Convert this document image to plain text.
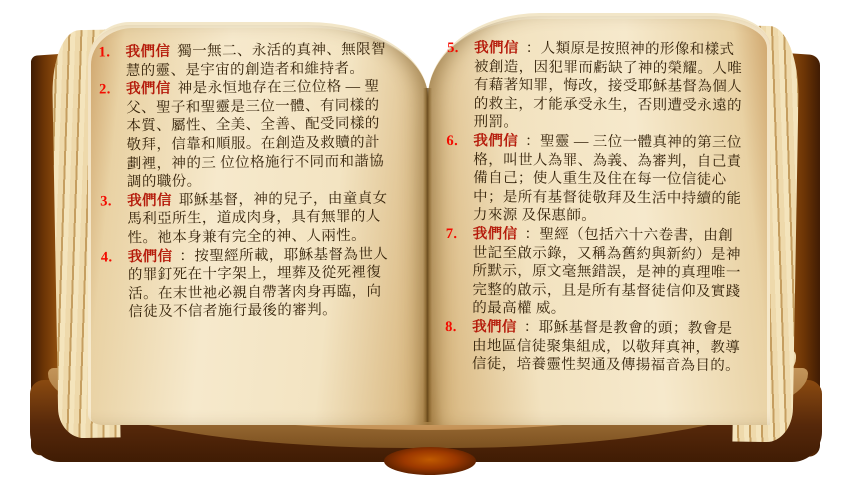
1.	我們信 獨一無二、永活的真神、無限智慧的靈、是宇宙的創造者和維持者。
2.	我們信 神是永恒地存在三位位格 — 聖父、聖子和聖靈是三位一體、有同樣的本質、屬性、全美、全善、配受同樣的敬拜，信靠和順服。在創造及救贖的計劃裡，神的三 位位格施行不同而和諧協調的職份。
3.	我們信 耶穌基督，神的兒子，由童貞女馬利亞所生，道成肉身，具有無罪的人性。祂本身兼有完全的神、人兩性。
4.	我們信 ：按聖經所載，耶穌基督為世人的罪釘死在十字架上，埋葬及從死裡復活。在末世祂必親自帶著肉身再臨，向信徒及不信者施行最後的審判。
5.	我們信 ：人類原是按照神的形像和樣式被創造，因犯罪而虧缺了神的榮耀。人唯有藉著知罪，悔改，接受耶穌基督為個人的救主，才能承受永生，否則遭受永遠的刑罰。
6.	我們信 ：聖靈 — 三位一體真神的第三位格，叫世人為罪、為義、為審判，自己責備自己；使人重生及住在每一位信徒心中；是所有基督徒敬拜及生活中持續的能力來源 及保惠師。
7.	我們信 ：聖經（包括六十六卷書，由創世記至啟示錄，又稱為舊約與新約）是神所默示，原文毫無錯誤，是神的真理唯一完整的啟示，且是所有基督徒信仰及實踐的最高權 威。
8.	我們信 ：耶穌基督是教會的頭；教會是由地區信徒聚集組成，以敬拜真神，教導信徒，培養靈性契通及傳揚福音為目的。
